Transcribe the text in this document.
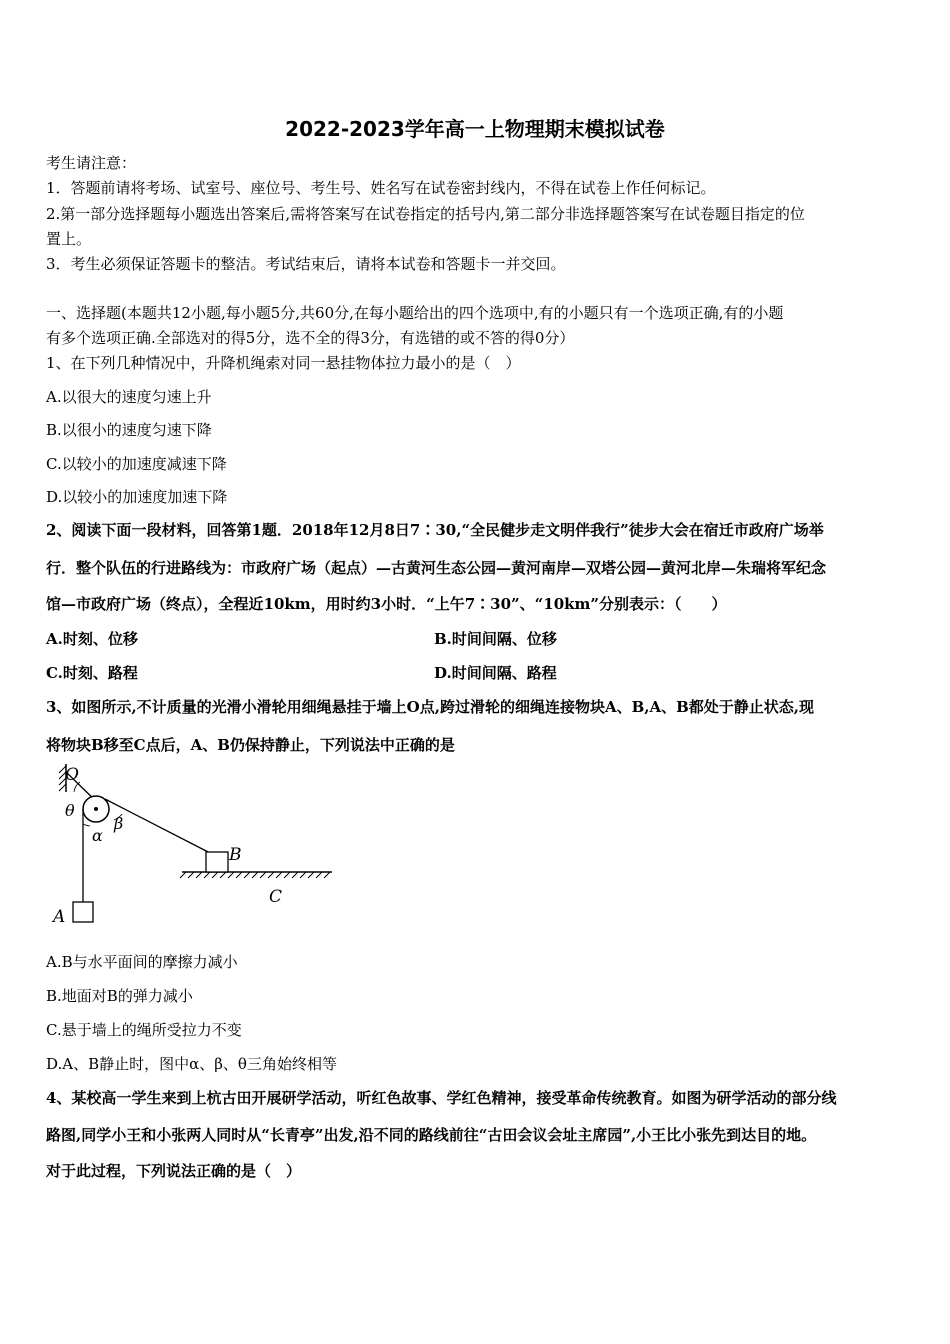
2022-2023学年高一上物理期末模拟试卷
考生请注意：
1．答题前请将考场、试室号、座位号、考生号、姓名写在试卷密封线内，不得在试卷上作任何标记。
2.第一部分选择题每小题选出答案后,需将答案写在试卷指定的括号内,第二部分非选择题答案写在试卷题目指定的位
置上。
3．考生必须保证答题卡的整洁。考试结束后，请将本试卷和答题卡一并交回。
一、选择题(本题共12小题,每小题5分,共60分,在每小题给出的四个选项中,有的小题只有一个选项正确,有的小题
有多个选项正确.全部选对的得5分，选不全的得3分，有选错的或不答的得0分）
1、在下列几种情况中，升降机绳索对同一悬挂物体拉力最小的是（　）
A.以很大的速度匀速上升
B.以很小的速度匀速下降
C.以较小的加速度减速下降
D.以较小的加速度加速下降
2、阅读下面一段材料，回答第1题．2018年12月8日7∶30,“全民健步走文明伴我行”徒步大会在宿迁市政府广场举
行．整个队伍的行进路线为：市政府广场（起点）—古黄河生态公园—黄河南岸—双塔公园—黄河北岸—朱瑞将军纪念
馆—市政府广场（终点），全程近10km，用时约3小时．“上午7∶30”、“10km”分别表示：（　　）
A.时刻、位移	B.时间间隔、位移
C.时刻、路程	D.时间间隔、路程
3、如图所示,不计质量的光滑小滑轮用细绳悬挂于墙上O点,跨过滑轮的细绳连接物块A、B,A、B都处于静止状态,现
将物块B移至C点后，A、B仍保持静止，下列说法中正确的是
O
θ
α
β
B
C
A
A.B与水平面间的摩擦力减小
B.地面对B的弹力减小
C.悬于墙上的绳所受拉力不变
D.A、B静止时，图中α、β、θ三角始终相等
4、某校高一学生来到上杭古田开展研学活动，听红色故事、学红色精神，接受革命传统教育。如图为研学活动的部分线
路图,同学小王和小张两人同时从“长青亭”出发,沿不同的路线前往“古田会议会址主席园”,小王比小张先到达目的地。
对于此过程，下列说法正确的是（　）
